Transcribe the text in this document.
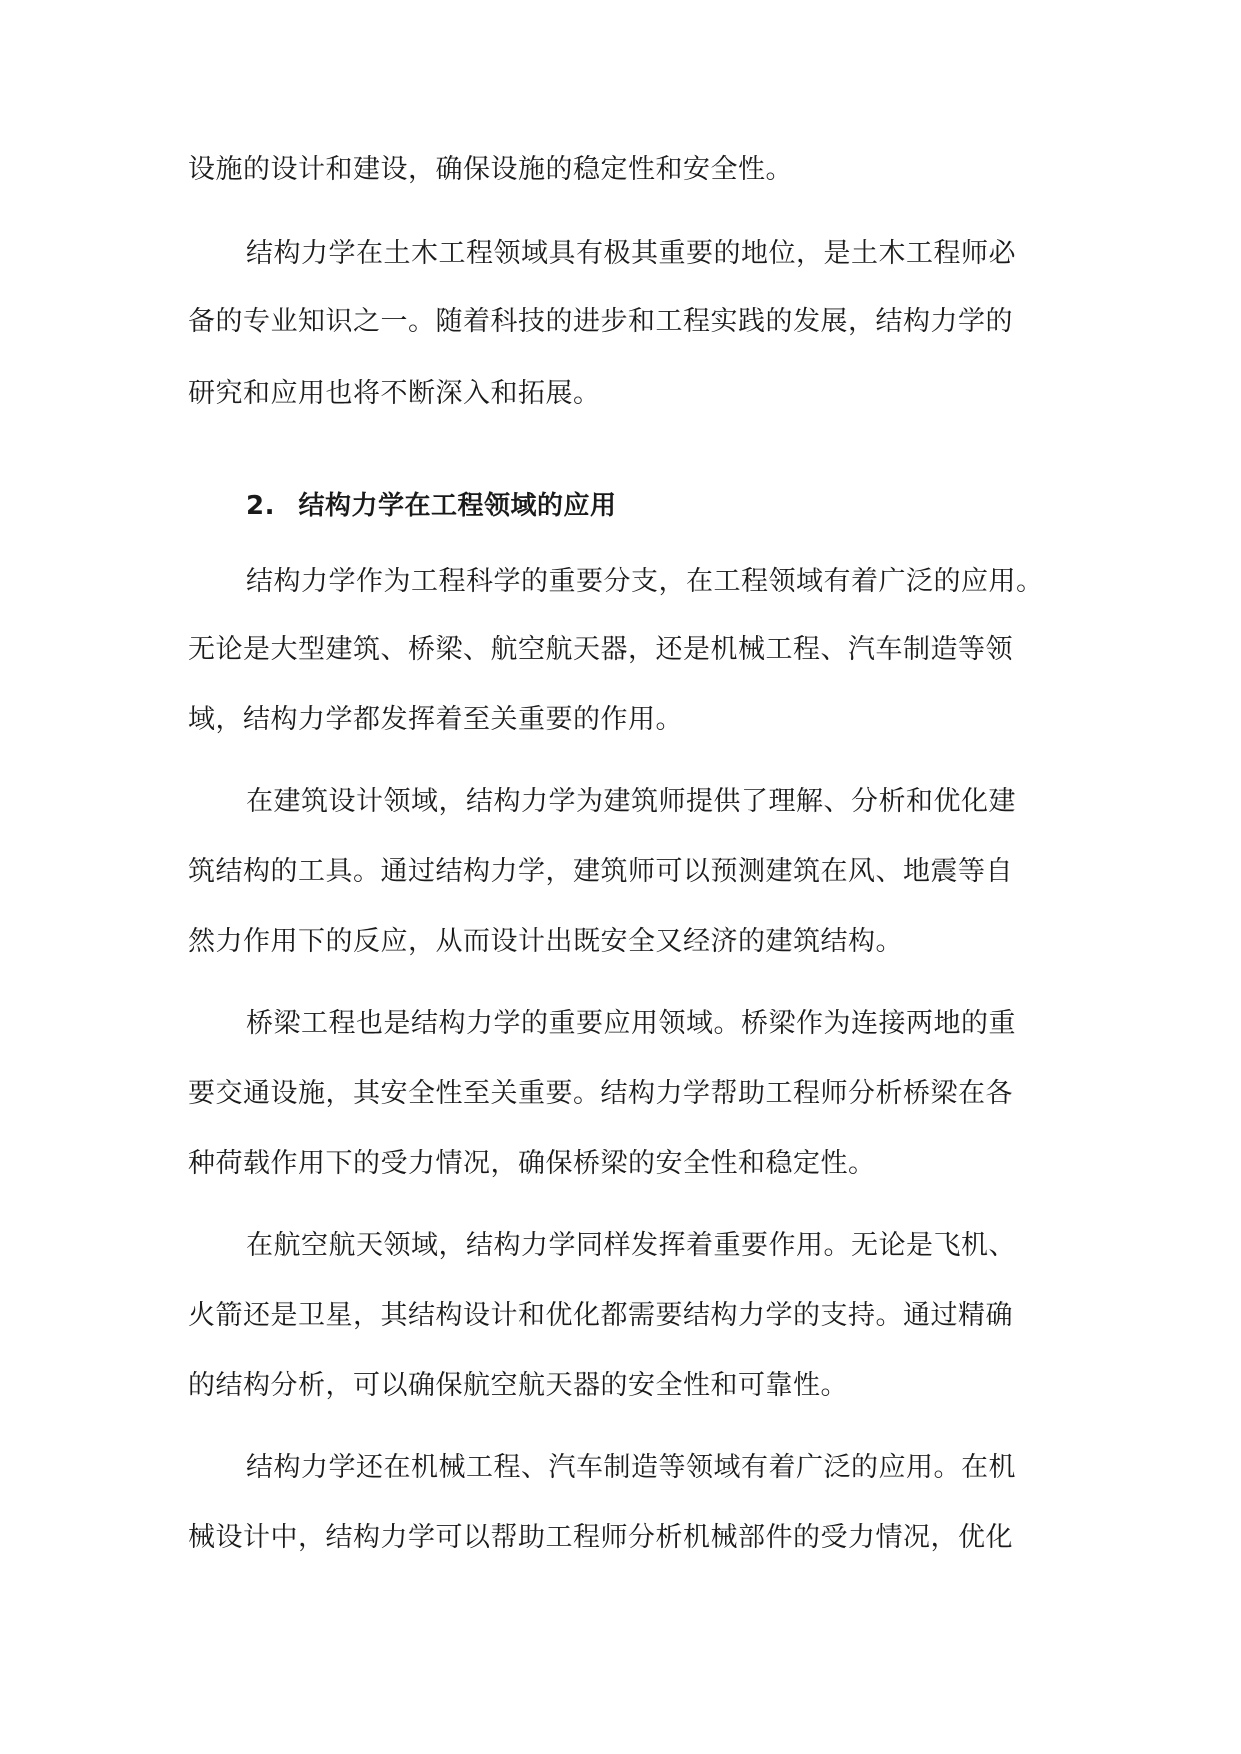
设施的设计和建设，确保设施的稳定性和安全性。
结构力学在土木工程领域具有极其重要的地位，是土木工程师必
备的专业知识之一。随着科技的进步和工程实践的发展，结构力学的
研究和应用也将不断深入和拓展。
2. 结构力学在工程领域的应用
结构力学作为工程科学的重要分支，在工程领域有着广泛的应用。
无论是大型建筑、桥梁、航空航天器，还是机械工程、汽车制造等领
域，结构力学都发挥着至关重要的作用。
在建筑设计领域，结构力学为建筑师提供了理解、分析和优化建
筑结构的工具。通过结构力学，建筑师可以预测建筑在风、地震等自
然力作用下的反应，从而设计出既安全又经济的建筑结构。
桥梁工程也是结构力学的重要应用领域。桥梁作为连接两地的重
要交通设施，其安全性至关重要。结构力学帮助工程师分析桥梁在各
种荷载作用下的受力情况，确保桥梁的安全性和稳定性。
在航空航天领域，结构力学同样发挥着重要作用。无论是飞机、
火箭还是卫星，其结构设计和优化都需要结构力学的支持。通过精确
的结构分析，可以确保航空航天器的安全性和可靠性。
结构力学还在机械工程、汽车制造等领域有着广泛的应用。在机
械设计中，结构力学可以帮助工程师分析机械部件的受力情况，优化
